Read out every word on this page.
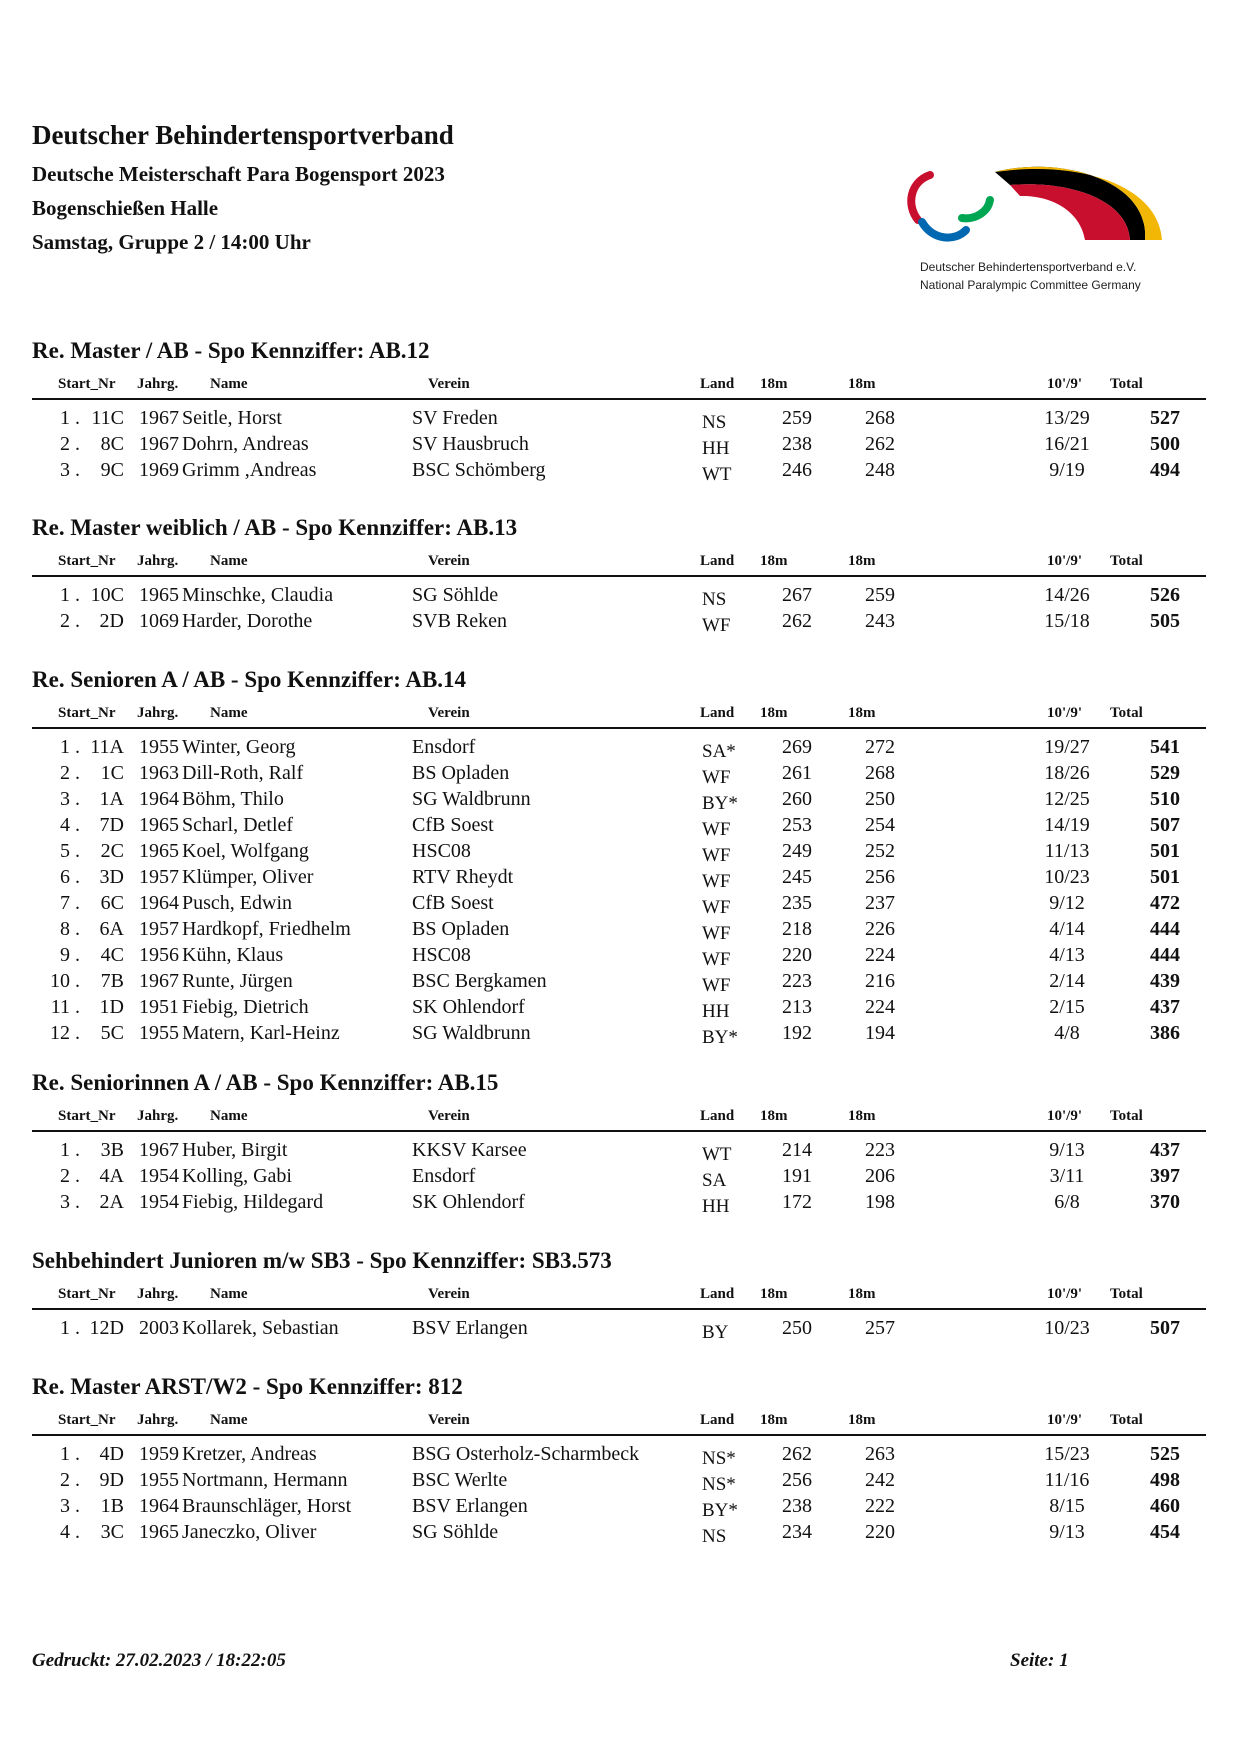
Deutscher Behindertensportverband
Deutsche Meisterschaft Para Bogensport 2023
Bogenschießen Halle
Samstag, Gruppe 2 / 14:00 Uhr
Deutscher Behindertensportverband e.V.
National Paralympic Committee Germany
Re. Master / AB - Spo Kennziffer: AB.12
Start_Nr Jahrg. Name	Verein	Land 18m	18m	10'/9' Total
1 . 11C 1967 Seitle, Horst	SV Freden	NS	259	268	13/29	527
2 .	8C 1967 Dohrn, Andreas	SV Hausbruch	HH	238	262	16/21	500
3 .	9C 1969 Grimm ,Andreas	BSC Schömberg	WT	246	248	9/19	494
Re. Master weiblich / AB - Spo Kennziffer: AB.13
Start_Nr Jahrg. Name	Verein	Land 18m	18m	10'/9' Total
1 . 10C 1965 Minschke, Claudia	SG Söhlde	NS	267	259	14/26	526
2 . 2D 1069 Harder, Dorothe	SVB Reken	WF	262	243	15/18	505
Re. Senioren A / AB - Spo Kennziffer: AB.14
Start_Nr Jahrg. Name	Verein	Land 18m	18m	10'/9' Total
1 . 11A 1955 Winter, Georg	Ensdorf	SA*	269	272	19/27	541
2 .	1C 1963 Dill-Roth, Ralf	BS Opladen	WF	261	268	18/26	529
3 . 1A 1964 Böhm, Thilo	SG Waldbrunn	BY*	260	250	12/25	510
4 . 7D 1965 Scharl, Detlef	CfB Soest	WF	253	254	14/19	507
5 .	2C 1965 Koel, Wolfgang	HSC08	WF	249	252	11/13	501
6 . 3D 1957 Klümper, Oliver	RTV Rheydt	WF	245	256	10/23	501
7 .	6C 1964 Pusch, Edwin	CfB Soest	WF	235	237	9/12	472
8 . 6A 1957 Hardkopf, Friedhelm	BS Opladen	WF	218	226	4/14	444
9 .	4C 1956 Kühn, Klaus	HSC08	WF	220	224	4/13	444
10 .	7B 1967 Runte, Jürgen	BSC Bergkamen	WF	223	216	2/14	439
11 . 1D 1951 Fiebig, Dietrich	SK Ohlendorf	HH	213	224	2/15	437
12 .	5C 1955 Matern, Karl-Heinz	SG Waldbrunn	BY*	192	194	4/8	386
Re. Seniorinnen A / AB - Spo Kennziffer: AB.15
Start_Nr Jahrg. Name	Verein	Land 18m	18m	10'/9' Total
1 .	3B 1967 Huber, Birgit	KKSV Karsee	WT	214	223	9/13	437
2 . 4A 1954 Kolling, Gabi	Ensdorf	SA	191	206	3/11	397
3 . 2A 1954 Fiebig, Hildegard	SK Ohlendorf	HH	172	198	6/8	370
Sehbehindert Junioren m/w SB3 - Spo Kennziffer: SB3.573
Start_Nr Jahrg. Name	Verein	Land 18m	18m	10'/9' Total
1 . 12D 2003 Kollarek, Sebastian	BSV Erlangen	BY	250	257	10/23	507
Re. Master ARST/W2 - Spo Kennziffer: 812
Start_Nr Jahrg. Name	Verein	Land 18m	18m	10'/9' Total
1 . 4D 1959 Kretzer, Andreas	BSG Osterholz-Scharmbeck	NS*	262	263	15/23	525
2 . 9D 1955 Nortmann, Hermann	BSC Werlte	NS*	256	242	11/16	498
3 .	1B 1964 Braunschläger, Horst	BSV Erlangen	BY*	238	222	8/15	460
4 .	3C 1965 Janeczko, Oliver	SG Söhlde	NS	234	220	9/13	454
Gedruckt: 27.02.2023 / 18:22:05	Seite: 1
